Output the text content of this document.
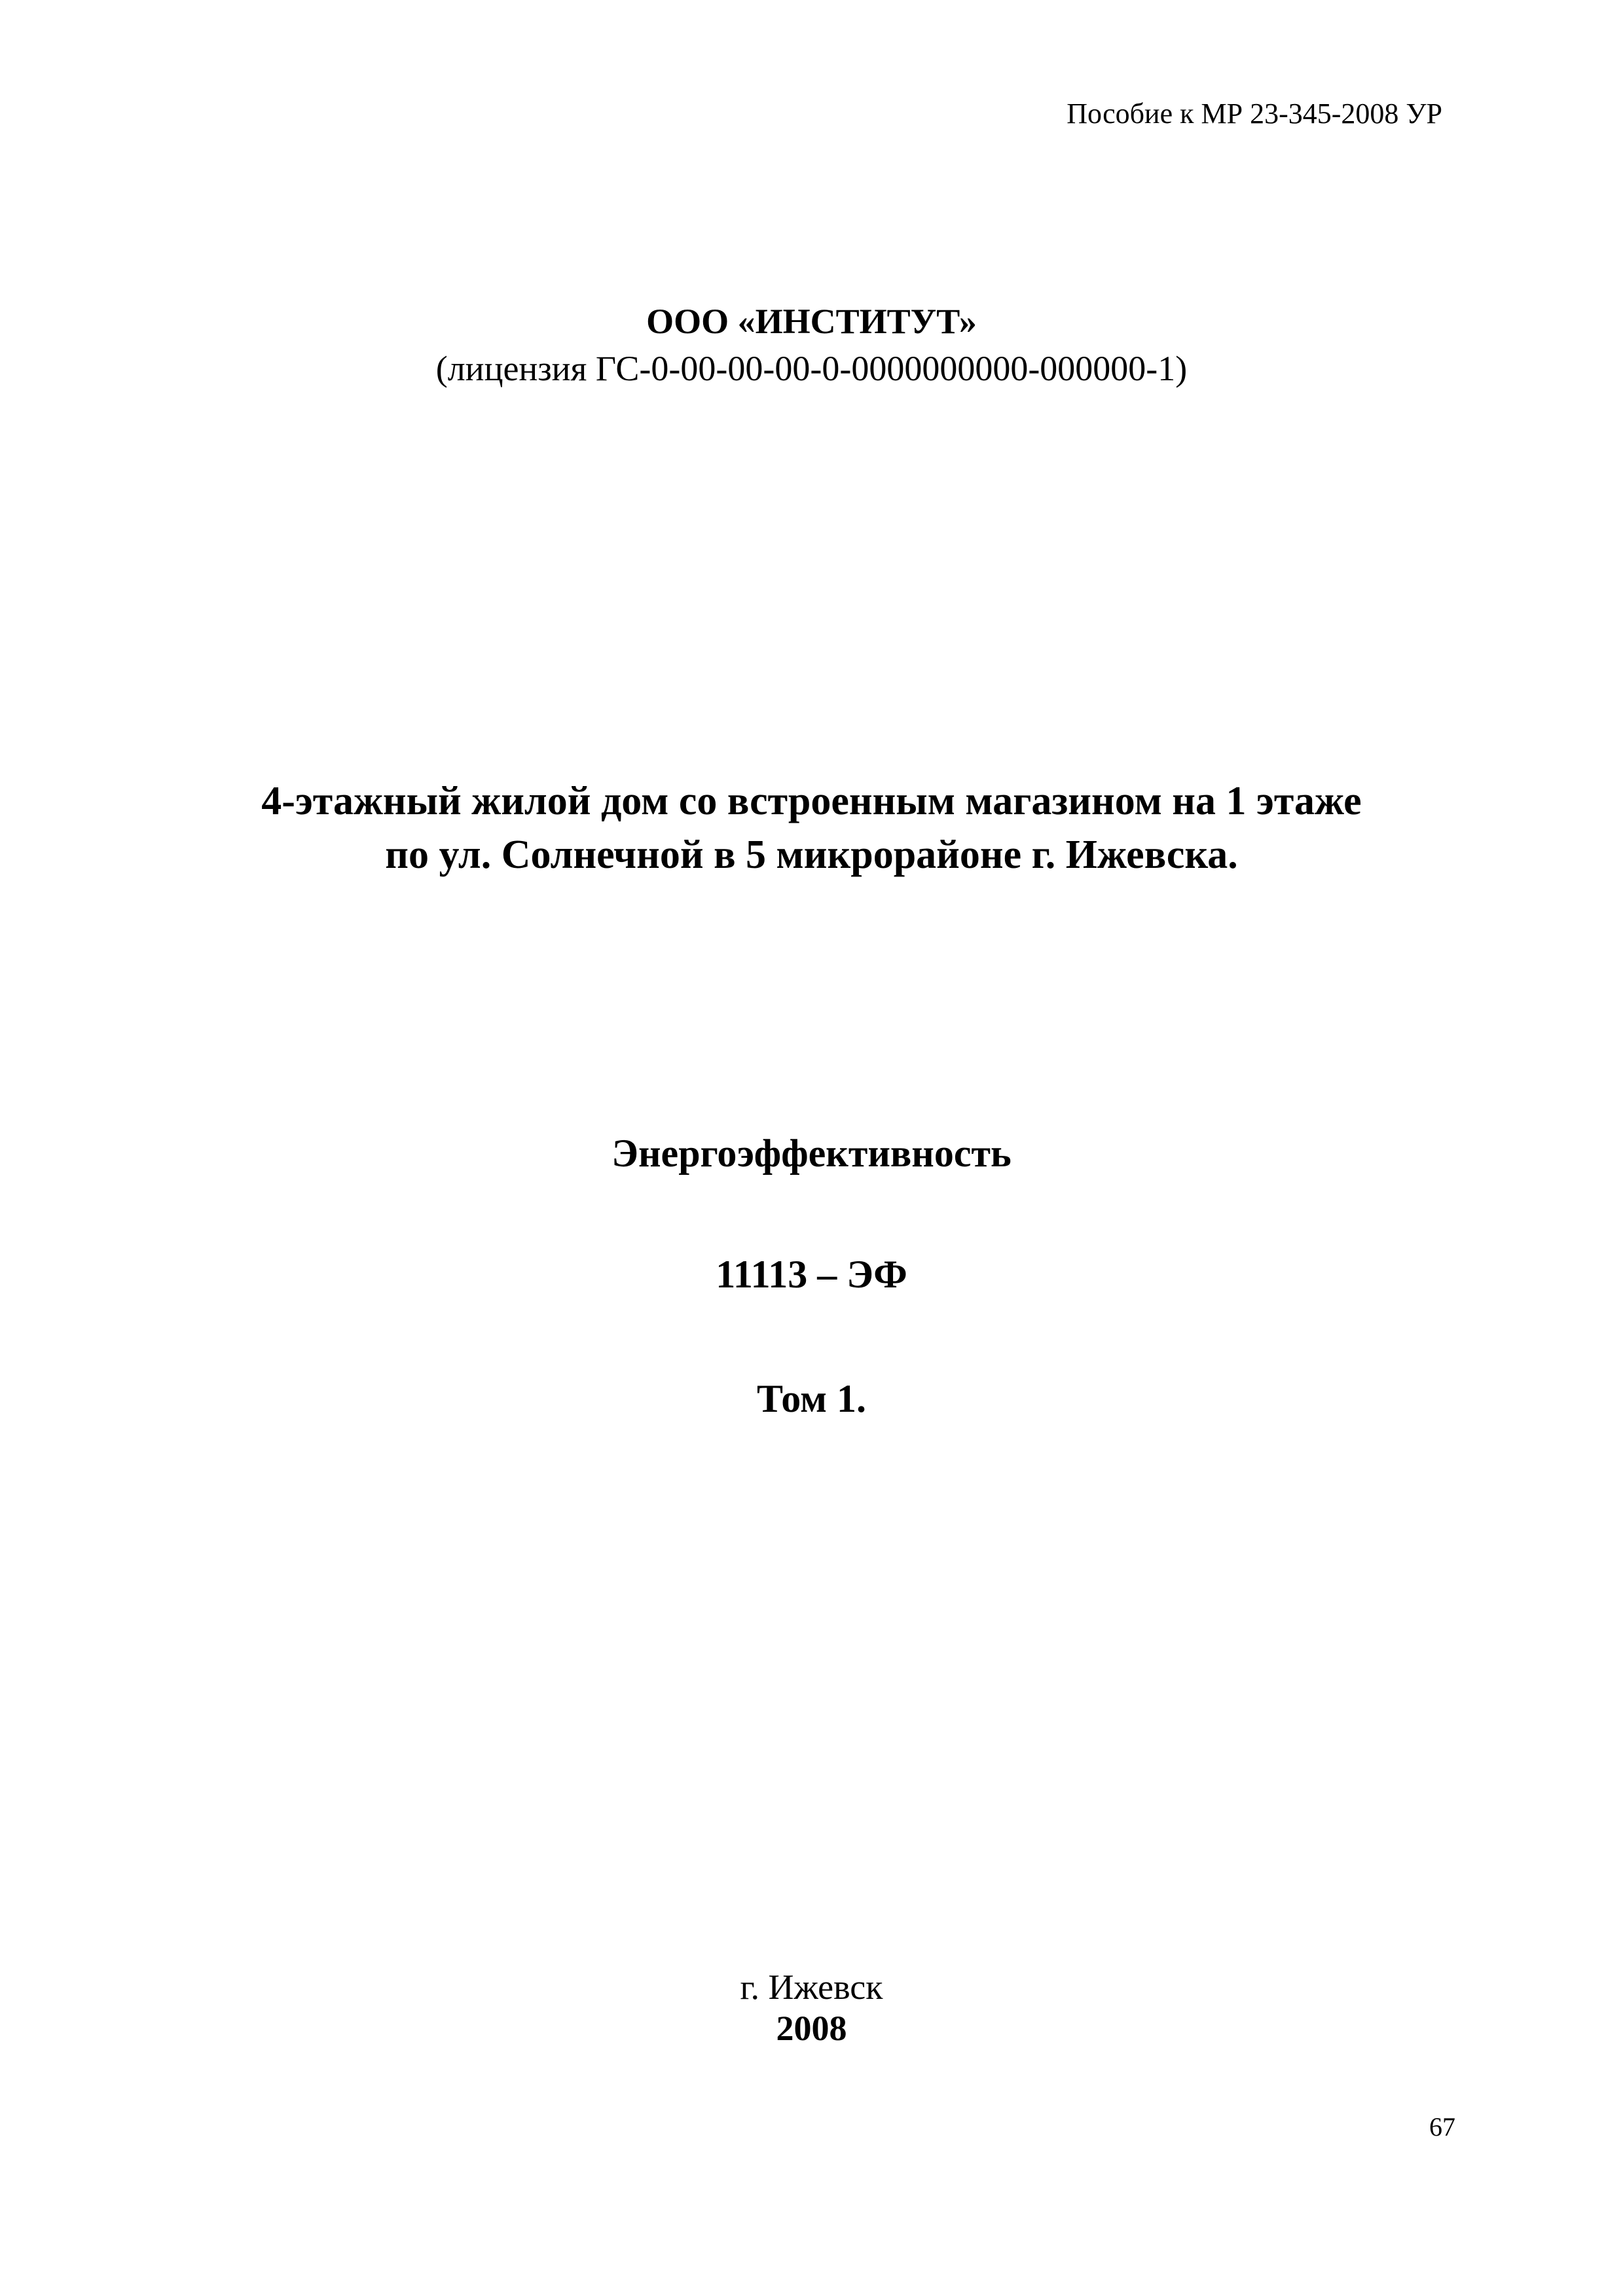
Пособие к МР 23-345-2008 УР
ООО «ИНСТИТУТ»
(лицензия ГС-0-00-00-00-0-0000000000-000000-1)
4-этажный жилой дом со встроенным магазином на 1 этаже
по ул. Солнечной в 5 микрорайоне г. Ижевска.
Энергоэффективность
11113 – ЭФ
Том 1.
г. Ижевск
2008
67
